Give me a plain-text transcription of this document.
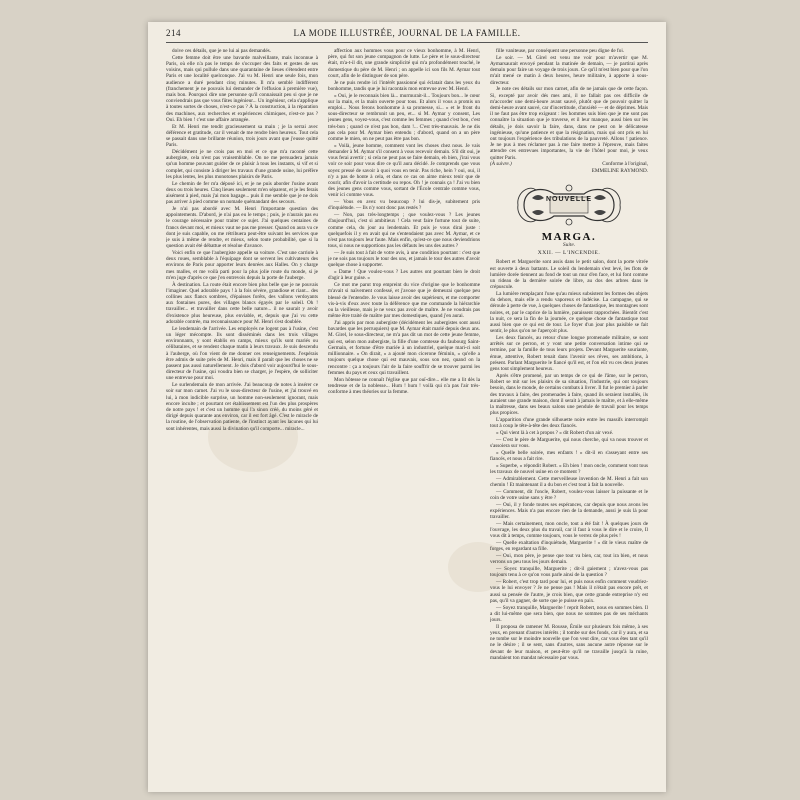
214	LA MODE ILLUSTRÉE, JOURNAL DE LA FAMILLE.

doive ces détails, que je ne lui ai pas demandés.

Cette femme doit être une bavarde malveillante, mais inconnue à Paris, où elle n'a pas le temps de s'occuper des faits et gestes de ses voisins, mais qui pullule dans une quarantaine de lieues s'étendent entre Paris et une localité quelconque. J'ai vu M. Henri une seule fois, mon audience a duré pendant cinq minutes. Il m'a semblé indifférent (franchement je ne pouvais lui demander de l'effusion à première vue), mais bon. Pourquoi dire une personne qu'il connaissait peu si que je ne conviendrais pas que vous fûtes ingénieur... Un ingénieur, cela s'applique à toutes sortes de choses, n'est-ce pas ? À la construction, à la réparation des machines, aux recherches et expériences chimiques, n'est-ce pas ? Oui. Eh bien ! c'est une affaire arrangée.

Et M. Henri me tendit gracieusement sa main ; je la serrai avec déférence et gratitude, car il venait de me rendre bien heureux. Tout cela se passait dans une brillante réunion, trois jours avant que j'eusse quitté Paris.

Décidément je ne crois pas en moi et ce que m'a raconté cette aubergiste, cela n'est pas vraisemblable. On ne me persuadera jamais qu'un homme pouvant guider de ce plaisir à tous les instants, si vif et si complet, qui consiste à diriger les travaux d'une grande usine, lui préfère les plus lentes, les plus monotones plaisirs de Paris.

Le chemin de fer m'a déposé ici, et je ne puis aborder l'usine avant deux ou trois heures. Cinq lieues seulement m'en séparent, et je les ferais aisément à pied, mais j'ai mon bagage... puis il me semble que je ne dois pas arriver à pied comme un nomade quémandant des secours.

Je n'ai pas abordé avec M. Henri l'importante question des appointements. D'abord, je n'ai pas eu le temps ; puis, je n'aurais pas eu le courage nécessaire pour traiter ce sujet. J'ai quelques centaines de francs devant moi, et mieux vaut ne pas me presser. Quand on aura vu ce dont je suis capable, on me rétribuera peut-être suivant les services que je suis à même de rendre, et mieux, selon toute probabilité, que si la question avait été débattue et résolue d'avance.

Voici enfin ce que l'aubergiste appelle sa voiture. C'est une carriole à deux roues, semblable à l'équipage dont se servent les cultivateurs des environs de Paris pour apporter leurs denrées aux Halles. On y charge mes malles, et me voilà parti pour la plus jolie route du monde, si je m'en juge d'après ce que j'en entrevois depuis la porte de l'auberge.

À destination. La route était encore bien plus belle que je ne pouvais l'imaginer. Quel adorable pays ! à la fois sévère, grandiose et riant... des collines aux flancs sombres, d'épaisses forêts, des vallons verdoyants aux fontaines pures, des villages blancs égayés par le soleil. Oh ! travailler... et travailler dans cette belle nature... il ne saurait y avoir d'existence plus heureuse, plus enviable, et, depuis que j'ai vu cette adorable contrée, ma reconnaissance pour M. Henri s'est doublée.

Le lendemain de l'arrivée. Les employés ne logent pas à l'usine, c'est un léger mécompte. Ils sont disséminés dans les trois villages environnants, y sont établis en camps, mieux qu'ils sont mariés ou célibataires, et se rendent chaque matin à leurs travaux. Je suis descendu à l'auberge, où l'on vient de me donner ces renseignements. J'espérais être admis de suite près de M. Henri, mais il paraît que les choses ne se passent pas aussi naturellement. Je dois d'abord voir aujourd'hui le sous-directeur de l'usine, qui voudra bien se charger, je l'espère, de solliciter une entrevue pour moi.

Le surlendemain de mon arrivée. J'ai beaucoup de notes à insérer ce soir sur mon carnet. J'ai vu le sous-directeur de l'usine, et j'ai trouvé en lui, à mon indicible surprise, un homme non-seulement ignorant, mais encore inculte ; et pourtant cet établissement est l'un des plus prospères de notre pays ! et c'est un homme qui l'a sinon créé, du moins géré et dirigé depuis quarante ans environ, car il est fort âgé. C'est le miracle de la routine, de l'observation patiente, de l'instinct ayant les lacunes qui lui sont inhérentes, mais aussi la divination qu'il comporte... miracle...

affection aux hommes vous pour ce vieux bonhomme, à M. Henri, père, qui fut son jeune compagnon de lutte. Le père et le sous-directeur était, m'a-t-il dit, une grande simplicité qui m'a profondément touché, le domestique du père de M. Henri ; on appelle ici son fils M. Aymar tout court, afin de le distinguer de son père.

Je ne puis rendre ici l'intérêt passionné qui éclatait dans les yeux du bonhomme, tandis que je lui racontais mon entrevue avec M. Henri.

« Oui, je le reconnais bien là... murmurait-il... Toujours bon... le cœur sur la main, et la main ouverte pour tous. Et alors il vous a promis un emploi... Nous ferons bonhomme à sa promesse, si... » et le front du sous-directeur se rembrunit un peu, et... si M. Aymar y consent, Les jeunes gens, voyez-vous, c'est comme les femmes ; quand c'est bon, c'est très-bon ; quand ce n'est pas bon, dam !... C'est très-mauvais. Je ne dis pas cela pour M. Aymar bien entendu ; d'abord, quand on a un père comme le mien, on ne peut pas être pas bon.

« Voilà, jeune homme, comment vont les choses chez nous. Je vais demander à M. Aymar s'il consent à vous recevoir demain. S'il dit oui, je vous ferai avertir ; si cela ne peut pas se faire demain, eh bien, j'irai vous voir ce soir pour vous dire ce qu'il aura décidé. Je comprends que vous soyez pressé de savoir à quoi vous en tenir. Pas riche, hein ? oui, oui, il n'y a pas de honte à cela, et dans ce cas on aime mieux tenir que de courir, afin d'avoir la certitude ou repos. Oh ! je connais ça ! J'ai vu bien des jeunes gens comme vous, sortant de l'École centrale comme vous, venir ici comme vous.

— Vous en avez vu beaucoup ? lui dis-je, subitement pris d'inquiétude. — Ils n'y sont donc pas restés ?

— Non, pas très-longtemps ; que voulez-vous ? Les jeunes d'aujourd'hui, c'est si ambitieux ! Cela veut faire fortune tout de suite, comme cela, du jour au lendemain. Et puis je vous dirai juste : quelquefois il y en avait qui ne s'entendaient pas avec M. Aymar, et ce n'est pas toujours leur faute. Mais enfin, qu'est-ce que nous deviendrions tous, si nous ne supportions pas les défauts les uns des autres ?

— Je suis tout à fait de votre avis, à une condition pourtant : c'est que je ne sois pas toujours le tour des uns, et jamais le tour des autres d'avoir quelque chose à supporter.

« Dame ! Que voulez-vous ? Les autres ont pourtant bien le droit d'agir à leur guise. »

Ce mot me parut trop empreint du vice d'origine que le bonhomme m'avait si naïvement confessé, et j'avoue que je demeurai quelque peu blessé de l'entendre. Je vous laisse avoir des supérieurs, et me comporter vis-à-vis d'eux avec toute la déférence que me commande la hiérarchie ou la vieillesse, mais je ne veux pas avoir de maître. Je ne voudrais pas même être traité de maître par mes domestiques, quand j'en aurai.

J'ai appris par mon aubergiste (décidément les aubergistes sont aussi bavardes que les perruquiers) que M. Aymar était marié depuis deux ans. M. Girel, le sous-directeur, ne m'a pas dit un mot de cette jeune femme, qui est, selon mon aubergiste, la fille d'une comtesse du faubourg Saint-Germain, et fortune d'être mariée à un industriel, quelque mari-ci soit millionnaire. « On dirait, » a ajouté mon cicerone féminin, « qu'elle a toujours quelque chose qui est mauvais, sous son nez, quand on la rencontre : ça a toujours l'air de la faire souffrir de se trouver parmi les femmes du pays et ceux qui travaillent.

Mon hôtesse ne connaît l'église que par ouï-dire... elle me a lit dès la tendresse et de la noblesse... Hum ! hum ! voilà qui n'a pas l'air très-conforme à mes théories sur la femme.

fille vaniteuse, par conséquent une personne peu digne de foi.

Le soir. — M. Girel est venu me voir pour m'avertir que M. Aymarsaurait envoyé pendant la matinée de demain, — je partirai après demain pour faire un voyage de trois jours. Ce qu'il m'est bien pour que l'on m'ait mené ce matin à deux heures, heure militaire, à apporte à sous-directeur.

Je note ces détails sur mon carnet, afin de ne jamais que de cette façon. Si, excepté par avoir dés mes ami, il ne fallait pas ces difficile de m'accorder une demi-heure avant sauvé, plutôt que de pouvoir quitter la demi-heure avant sauvé, car d'incertitude, d'anxiété — et de déprimes. Mais il ne faut pas être trop exigeant : les hommes suis bien que je me sont pas connaître la situation que je traverse, et il leur manque, aussi bien sur les détails, je dois savoir la faire, dans, dans ne peut on le délicatesse ingénieuse, qu'une patience et que la résignation, mais qui ont pris en lui ont toujours l'expérience des tribulations de la pauvreté. Allons ! patience. Je ne pus à mes réclamer pas à me faire mettre à l'épreuve, mais faites attendre ces entrevues importantes, la vie de l'hôtel pour moi, je veux quitter Paris.

(À suivre.)	Conforme à l'original,
EMMELINE RAYMOND.
NOUVELLE
MARGA.
Suite.
XXII. — L'INCENDIE.

Robert et Marguerite sont assis dans le petit salon, dont la porte vitrée est ouverte à deux battants. Le soleil du lendemain s'est levé, les flots de lumière dorée tiennent au fond de tout un mur d'en face, et lui font comme un rideau de la dernière soirée de libre, au dos des arbres dans le crépuscule.

La lumière remplaçant l'une qu'au mieux subsistent les formes des objets du dehors, mais elle a rendu vaporeux et indécise. La campagne, qui se déroule à perte de vue, à quelques choses de fantastique, les montagnes sont noires, et, par le caprice de la lumière, paraissent rapprochées. Bientôt c'est la nuit, ce sera la fin de la journée, ce quelque chose de fantastique tout aussi bien que ce qui est de tour. Le foyer d'un jour plus paisible se fait sentir, le plus qu'on ne l'aperçoit plus.

Les deux fiancés, au retour d'une longue promenade militaire, se sont arrêtés sur ce perron, et y vont une petite conversation intime qui se termine, par la famille de tous leurs projets. Devant Marguerite souriante, émue, attentive, Robert tenait dans l'avenir ses rêves, ses ambitions, à présent. Parlant Marguerite le fiancé qu'il est, et l'on eût vu ces deux jeunes gens tout simplement heureux.

Après s'être promené, par un temps de ce qui de l'âme, sur le perron, Robert se mit sur les plaisirs de sa situation, l'industrie, qui ont toujours besoin, dans le monde, de certains combats à livrer. Il fut le premier à parler des travaux à faire, des promenades à faire, quand ils seraient installés, ils auraient une grande maison, dont il serait à jamais le maître, et à elle-même la maîtresse, dans ses beaux salons une pendule de travail pour les temps plus propices.

L'apparition d'une grande silhouette noire entre les massifs interrompit tout à coup le tête-à-tête des deux fiancés.

« Qui vient là à cet à propos ? » dit Robert d'un air vexé.

— C'est le père de Marguerite, qui nous cherche, qui va nous trouver et s'assoiera sur vous.

« Quelle belle soirée, mes enfants ! » dit-il en s'asseyant entre ses fiancés, et nous a fait rire.

« Superbe, » répondit Robert. « Eh bien ! mon oncle, comment vont tous les travaux de nouvel usine en ce moment ?

— Admirablement. Cette merveilleuse invention de M. Henri a fait son chemin ! Et maintenant il a du bon et c'est tout à fait la nouvelle.

— Comment, dit l'oncle, Robert, voulez-vous laisser la puissante et le coin de votre usine sans y être ?

— Oui, il y fonde toutes ses espérances, car depuis que nous avons les expériences. Mais n'a pas encore rien de la demande, aussi je suis là pour travailler.

— Mais certainement, mon oncle, tout a été fait ! À quelques jours de l'ouvrage, les deux plus du travail, car il faut à vous le dire et le croire, Il vous dit à temps, comme toujours, vous le verrez de plus près !

— Quelle exaltation d'inquiétude, Marguerite ! » dit le vieux maître de forges, en regardant sa fille.

— Oui, mon père, je pense que tout va bien, car, tout ira bien, et nous verrons un peu tous les jours demain.

— Soyez tranquille, Marguerite ; dit-il gaiement ; n'avez-vous pas toujours tenu à ce qu'on vous parle ainsi de la question ?

— Robert, c'est trop tard pour lui, et puis nous enfin comment voudriez-vous le lui envoyer ? Je ne pense pas ! Mais il n'était pas encore prêt, et aussi sa pensée de l'autre, je crois bien, que cette grande entreprise n'y est pas, qu'il va gagner, de sorte que je puisse en paix.

— Soyez tranquille, Marguerite ! reprit Robert, nous en sommes bien. Il a dit lui-même que sera bien, que nous ne sommes pas de ses méchants jours.

Il proposa de ramener M. Rousse, Émile sur plusieurs fois même, à ses yeux, en prenant d'autres intérêts ; il tombe sur des fonds, car il y aura, et sa ne tombe sur le moindre nouvelle que l'on veut dire, car vous êtes tant qu'il ne le désire ; il se sent, sans d'autres, sans aucune autre réponse sur le devant de leur maison, et peut-être qu'il ne travaille jusqu'à la ruine, mandaient ton mandat nécessaire par vous.
